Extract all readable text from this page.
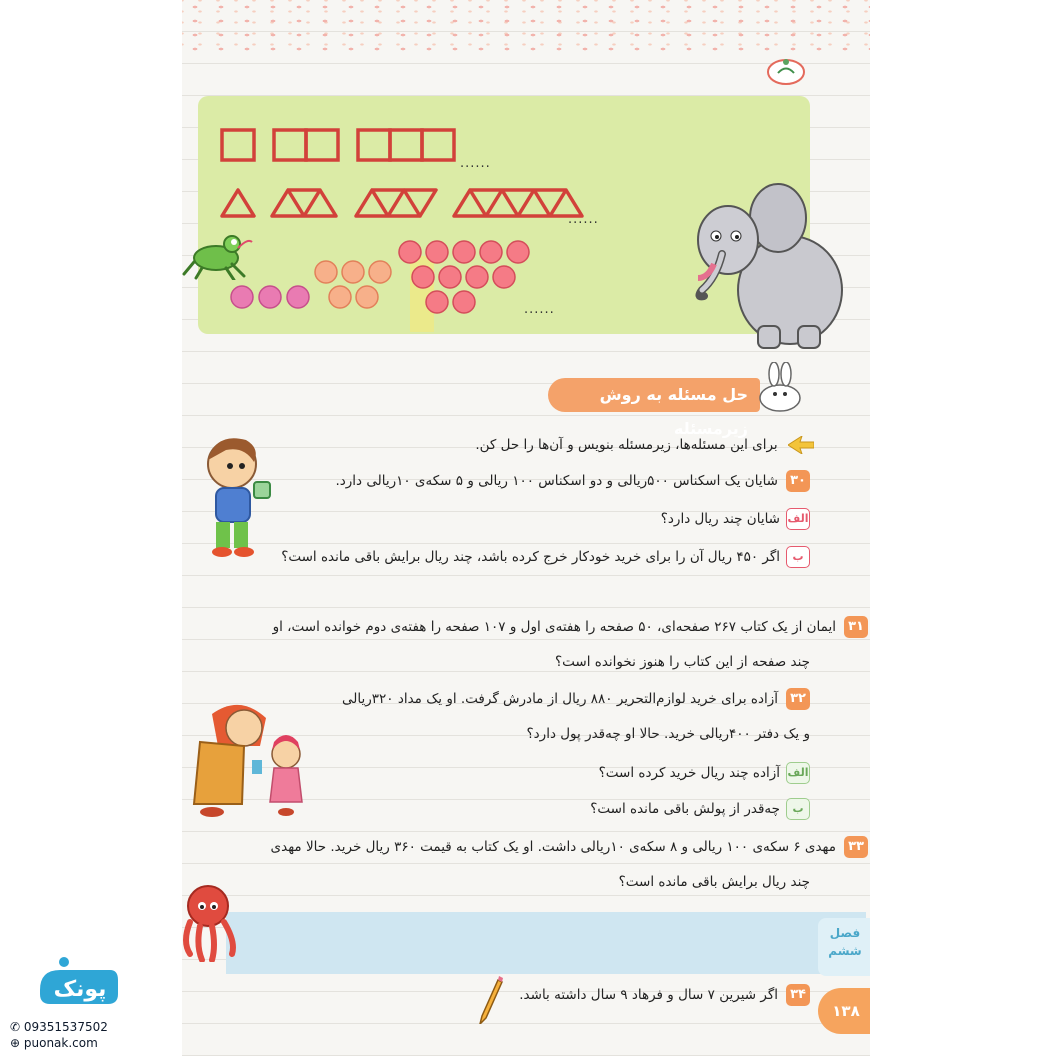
......
......
......
حل مسئله به روش زیرمسئله
برای این مسئله‌ها، زیرمسئله بنویس و آن‌ها را حل کن.
۳۰شایان یک اسکناس ۵۰۰ریالی و دو اسکناس ۱۰۰ ریالی و ۵ سکه‌ی ۱۰ریالی دارد.
الفشایان چند ریال دارد؟
باگر ۴۵۰ ریال آن را برای خرید خودکار خرج کرده باشد، چند ریال برایش باقی مانده است؟
۳۱ایمان از یک کتاب ۲۶۷ صفحه‌ای، ۵۰ صفحه را هفته‌ی اول و ۱۰۷ صفحه را هفته‌ی دوم خوانده است، او
چند صفحه از این کتاب را هنوز نخوانده است؟
۳۲آزاده برای خرید لوازم‌التحریر ۸۸۰ ریال از مادرش گرفت. او یک مداد ۳۲۰ریالی
و یک دفتر ۴۰۰ریالی خرید. حالا او چه‌قدر پول دارد؟
الفآزاده چند ریال خرید کرده است؟
بچه‌قدر از پولش باقی مانده است؟
۳۳مهدی ۶ سکه‌ی ۱۰۰ ریالی و ۸ سکه‌ی ۱۰ریالی داشت. او یک کتاب به قیمت ۳۶۰ ریال خرید. حالا مهدی
چند ریال برایش باقی مانده است؟
فصل
ششم
۳۴اگر شیرین ۷ سال و فرهاد ۹ سال داشته باشد.
۱۳۸
پونک
✆ 09351537502
⊕ puonak.com
